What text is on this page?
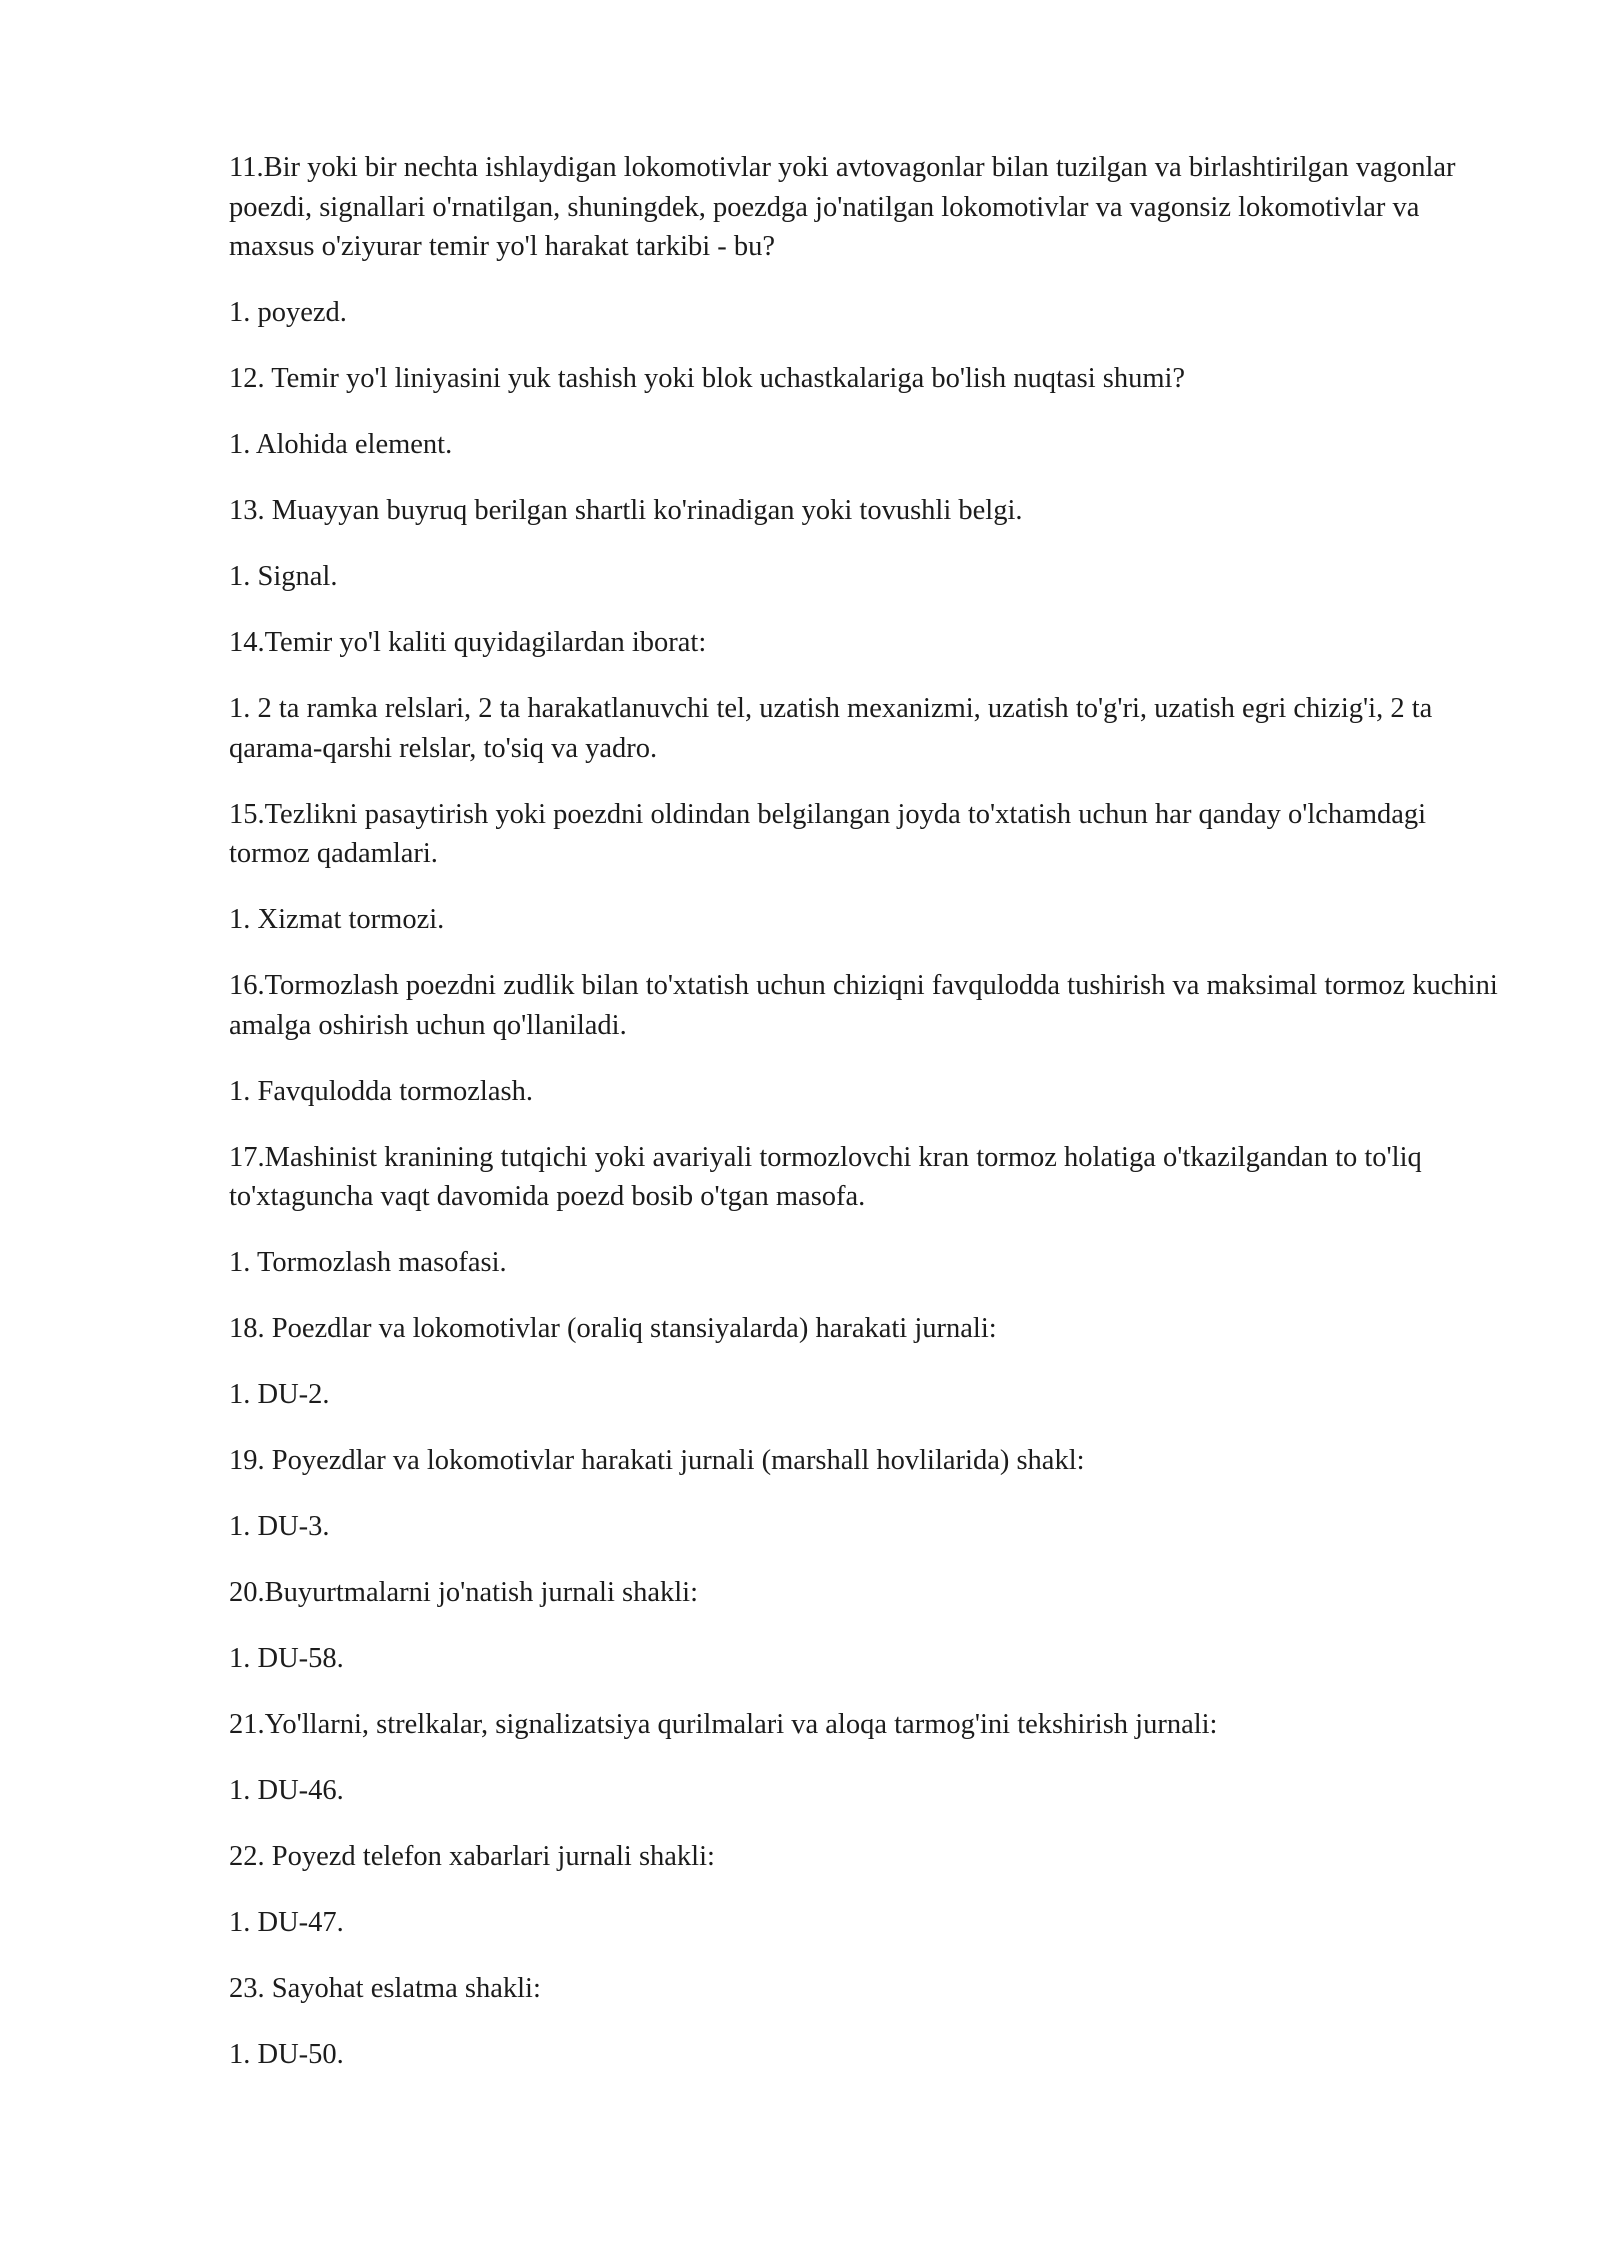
11.Bir yoki bir nechta ishlaydigan lokomotivlar yoki avtovagonlar bilan tuzilgan va birlashtirilgan vagonlar poezdi, signallari o'rnatilgan, shuningdek, poezdga jo'natilgan lokomotivlar va vagonsiz lokomotivlar va maxsus o'ziyurar temir yo'l harakat tarkibi - bu?

1. poyezd.

12. Temir yo'l liniyasini yuk tashish yoki blok uchastkalariga bo'lish nuqtasi shumi?

1. Alohida element.

13. Muayyan buyruq berilgan shartli ko'rinadigan yoki tovushli belgi.

1. Signal.

14.Temir yo'l kaliti quyidagilardan iborat:

1. 2 ta ramka relslari, 2 ta harakatlanuvchi tel, uzatish mexanizmi, uzatish to'g'ri, uzatish egri chizig'i, 2 ta qarama-qarshi relslar, to'siq va yadro.

15.Tezlikni pasaytirish yoki poezdni oldindan belgilangan joyda to'xtatish uchun har qanday o'lchamdagi tormoz qadamlari.

1. Xizmat tormozi.

16.Tormozlash poezdni zudlik bilan to'xtatish uchun chiziqni favqulodda tushirish va maksimal tormoz kuchini amalga oshirish uchun qo'llaniladi.

1. Favqulodda tormozlash.

17.Mashinist kranining tutqichi yoki avariyali tormozlovchi kran tormoz holatiga o'tkazilgandan to to'liq to'xtaguncha vaqt davomida poezd bosib o'tgan masofa.

1. Tormozlash masofasi.

18. Poezdlar va lokomotivlar (oraliq stansiyalarda) harakati jurnali:

1. DU-2.

19. Poyezdlar va lokomotivlar harakati jurnali (marshall hovlilarida) shakl:

1. DU-3.

20.Buyurtmalarni jo'natish jurnali shakli:

1. DU-58.

21.Yo'llarni, strelkalar, signalizatsiya qurilmalari va aloqa tarmog'ini tekshirish jurnali:

1. DU-46.

22. Poyezd telefon xabarlari jurnali shakli:

1. DU-47.

23. Sayohat eslatma shakli:

1. DU-50.
